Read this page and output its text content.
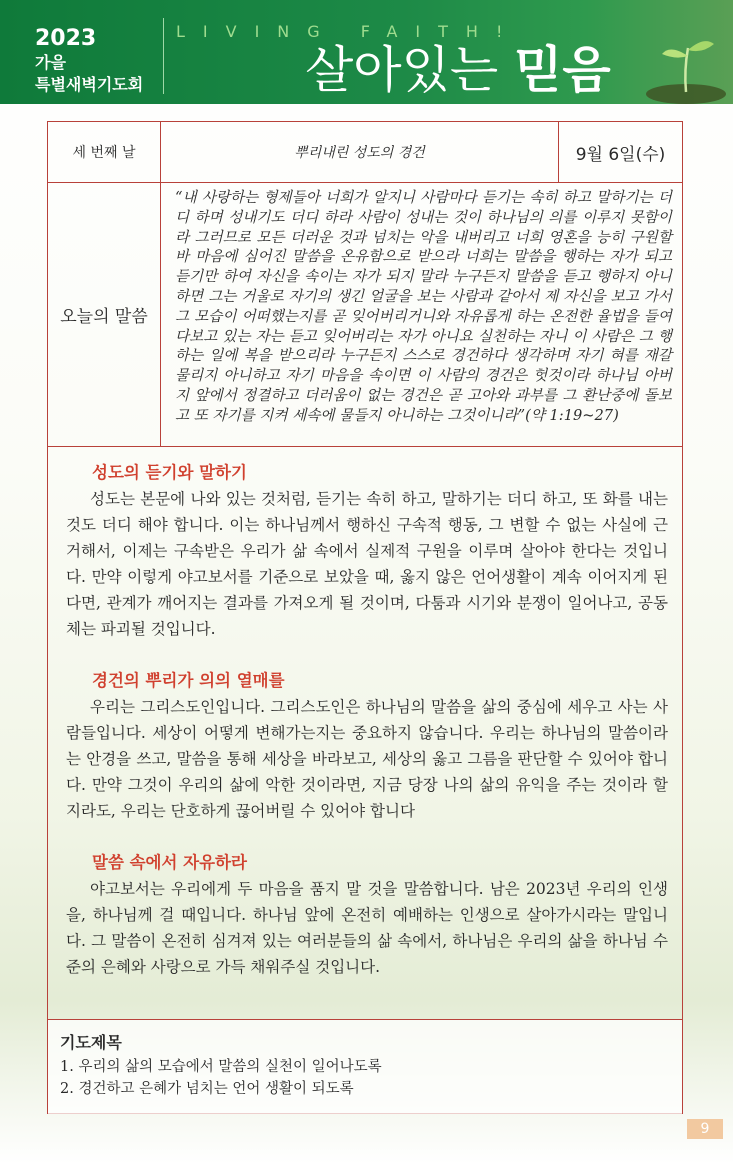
2023
가을
특별새벽기도회
LIVING FAITH!
살아있는 믿음
세 번째 날	뿌리내린 성도의 경건	9월 6일(수)
오늘의 말씀
“내 사랑하는 형제들아 너희가 알지니 사람마다 듣기는 속히 하고 말하기는 더디 하며 성내기도 더디 하라 사람이 성내는 것이 하나님의 의를 이루지 못함이라 그러므로 모든 더러운 것과 넘치는 악을 내버리고 너희 영혼을 능히 구원할 바 마음에 심어진 말씀을 온유함으로 받으라 너희는 말씀을 행하는 자가 되고 듣기만 하여 자신을 속이는 자가 되지 말라 누구든지 말씀을 듣고 행하지 아니하면 그는 거울로 자기의 생긴 얼굴을 보는 사람과 같아서 제 자신을 보고 가서 그 모습이 어떠했는지를 곧 잊어버리거니와 자유롭게 하는 온전한 율법을 들여다보고 있는 자는 듣고 잊어버리는 자가 아니요 실천하는 자니 이 사람은 그 행하는 일에 복을 받으리라 누구든지 스스로 경건하다 생각하며 자기 혀를 재갈 물리지 아니하고 자기 마음을 속이면 이 사람의 경건은 헛것이라 하나님 아버지 앞에서 정결하고 더러움이 없는 경건은 곧 고아와 과부를 그 환난중에 돌보고 또 자기를 지켜 세속에 물들지 아니하는 그것이니라”(약 1:19~27)
성도의 듣기와 말하기
성도는 본문에 나와 있는 것처럼, 듣기는 속히 하고, 말하기는 더디 하고, 또 화를 내는 것도 더디 해야 합니다. 이는 하나님께서 행하신 구속적 행동, 그 변할 수 없는 사실에 근거해서, 이제는 구속받은 우리가 삶 속에서 실제적 구원을 이루며 살아야 한다는 것입니다. 만약 이렇게 야고보서를 기준으로 보았을 때, 옳지 않은 언어생활이 계속 이어지게 된다면, 관계가 깨어지는 결과를 가져오게 될 것이며, 다툼과 시기와 분쟁이 일어나고, 공동체는 파괴될 것입니다.
경건의 뿌리가 의의 열매를
우리는 그리스도인입니다. 그리스도인은 하나님의 말씀을 삶의 중심에 세우고 사는 사람들입니다. 세상이 어떻게 변해가는지는 중요하지 않습니다. 우리는 하나님의 말씀이라는 안경을 쓰고, 말씀을 통해 세상을 바라보고, 세상의 옳고 그름을 판단할 수 있어야 합니다. 만약 그것이 우리의 삶에 악한 것이라면, 지금 당장 나의 삶의 유익을 주는 것이라 할지라도, 우리는 단호하게 끊어버릴 수 있어야 합니다
말씀 속에서 자유하라
야고보서는 우리에게 두 마음을 품지 말 것을 말씀합니다. 남은 2023년 우리의 인생을, 하나님께 걸 때입니다. 하나님 앞에 온전히 예배하는 인생으로 살아가시라는 말입니다. 그 말씀이 온전히 심겨져 있는 여러분들의 삶 속에서, 하나님은 우리의 삶을 하나님 수준의 은혜와 사랑으로 가득 채워주실 것입니다.
기도제목
1. 우리의 삶의 모습에서 말씀의 실천이 일어나도록
2. 경건하고 은혜가 넘치는 언어 생활이 되도록
9
